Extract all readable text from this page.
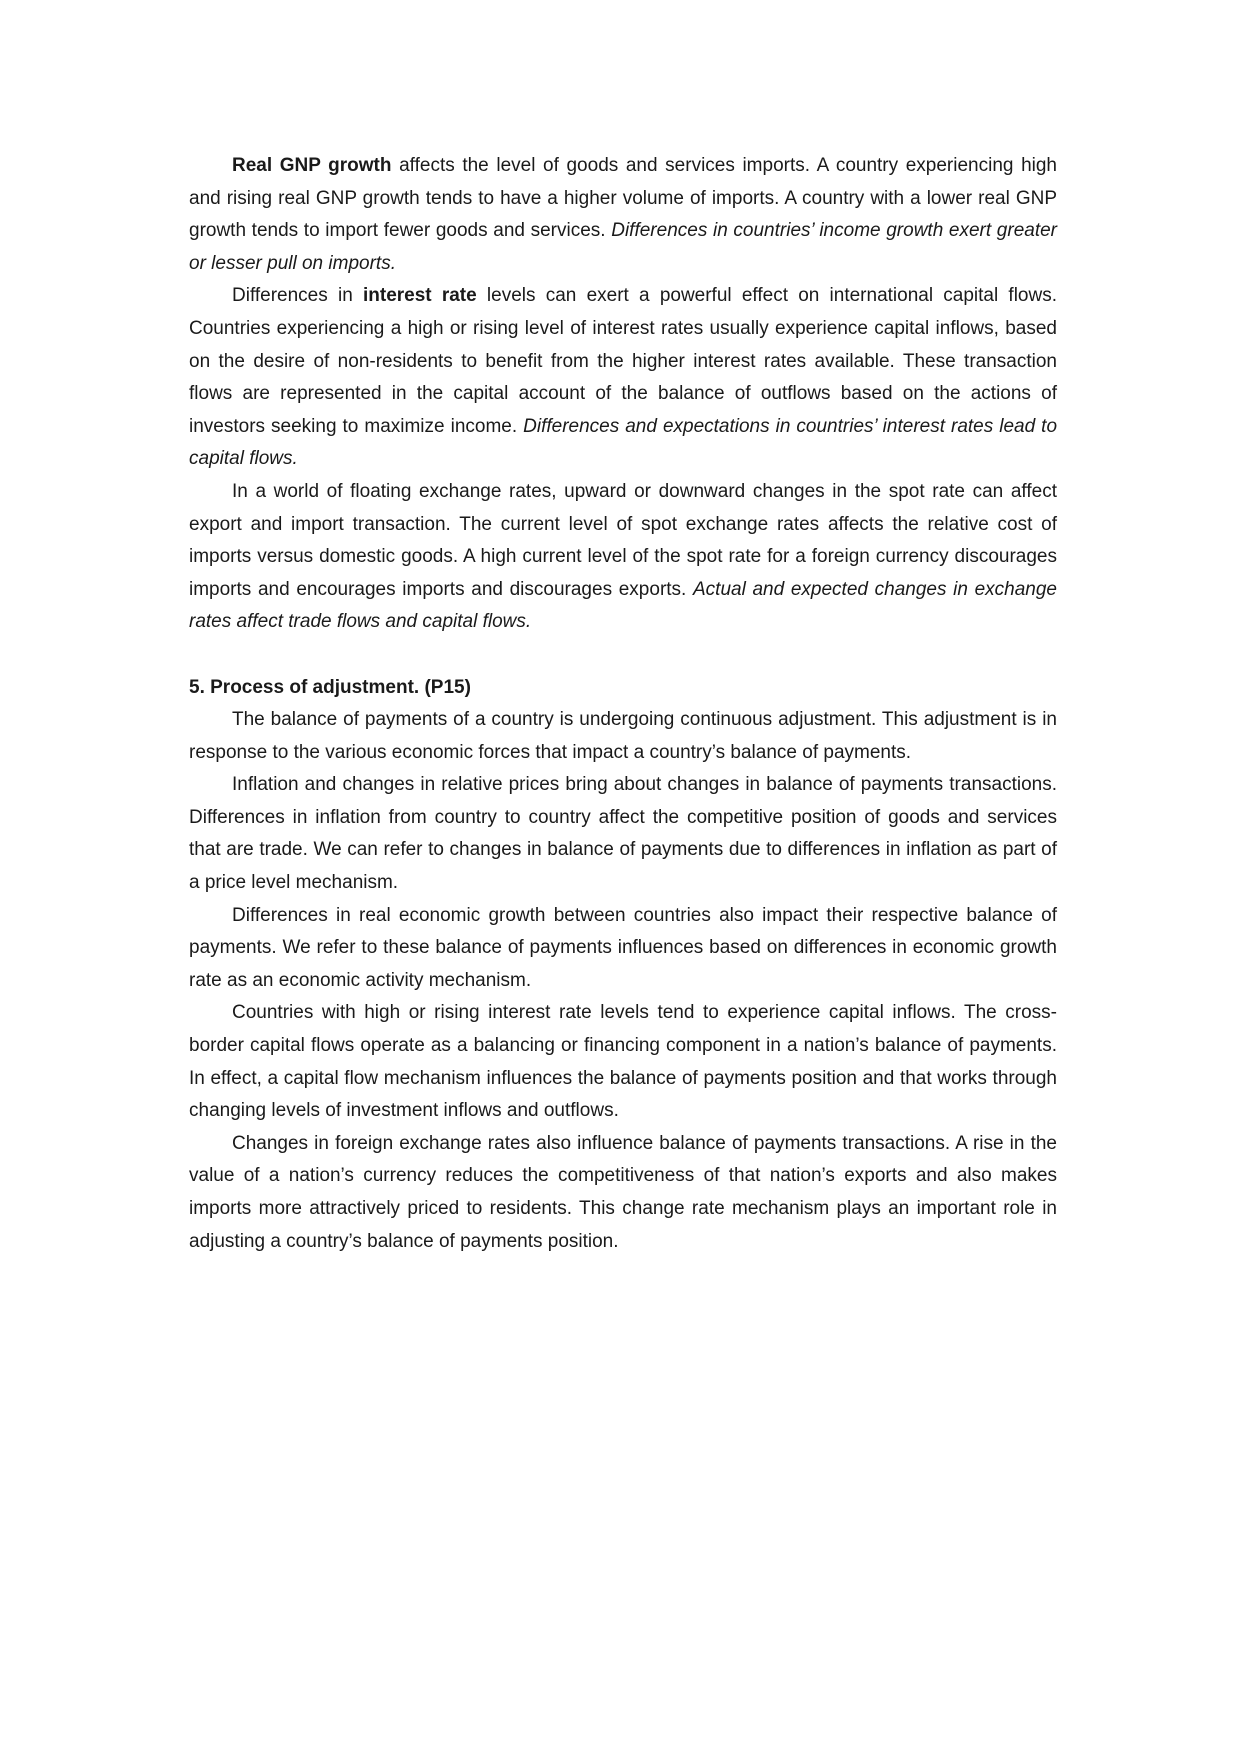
Real GNP growth affects the level of goods and services imports. A country experiencing high and rising real GNP growth tends to have a higher volume of imports. A country with a lower real GNP growth tends to import fewer goods and services. Differences in countries’ income growth exert greater or lesser pull on imports.

Differences in interest rate levels can exert a powerful effect on international capital flows. Countries experiencing a high or rising level of interest rates usually experience capital inflows, based on the desire of non-residents to benefit from the higher interest rates available. These transaction flows are represented in the capital account of the balance of outflows based on the actions of investors seeking to maximize income. Differences and expectations in countries’ interest rates lead to capital flows.

In a world of floating exchange rates, upward or downward changes in the spot rate can affect export and import transaction. The current level of spot exchange rates affects the relative cost of imports versus domestic goods. A high current level of the spot rate for a foreign currency discourages imports and encourages imports and discourages exports. Actual and expected changes in exchange rates affect trade flows and capital flows.

5. Process of adjustment. (P15)

The balance of payments of a country is undergoing continuous adjustment. This adjustment is in response to the various economic forces that impact a country’s balance of payments.

Inflation and changes in relative prices bring about changes in balance of payments transactions. Differences in inflation from country to country affect the competitive position of goods and services that are trade. We can refer to changes in balance of payments due to differences in inflation as part of a price level mechanism.

Differences in real economic growth between countries also impact their respective balance of payments. We refer to these balance of payments influences based on differences in economic growth rate as an economic activity mechanism.

Countries with high or rising interest rate levels tend to experience capital inflows. The cross-border capital flows operate as a balancing or financing component in a nation’s balance of payments. In effect, a capital flow mechanism influences the balance of payments position and that works through changing levels of investment inflows and outflows.

Changes in foreign exchange rates also influence balance of payments transactions. A rise in the value of a nation’s currency reduces the competitiveness of that nation’s exports and also makes imports more attractively priced to residents. This change rate mechanism plays an important role in adjusting a country’s balance of payments position.
